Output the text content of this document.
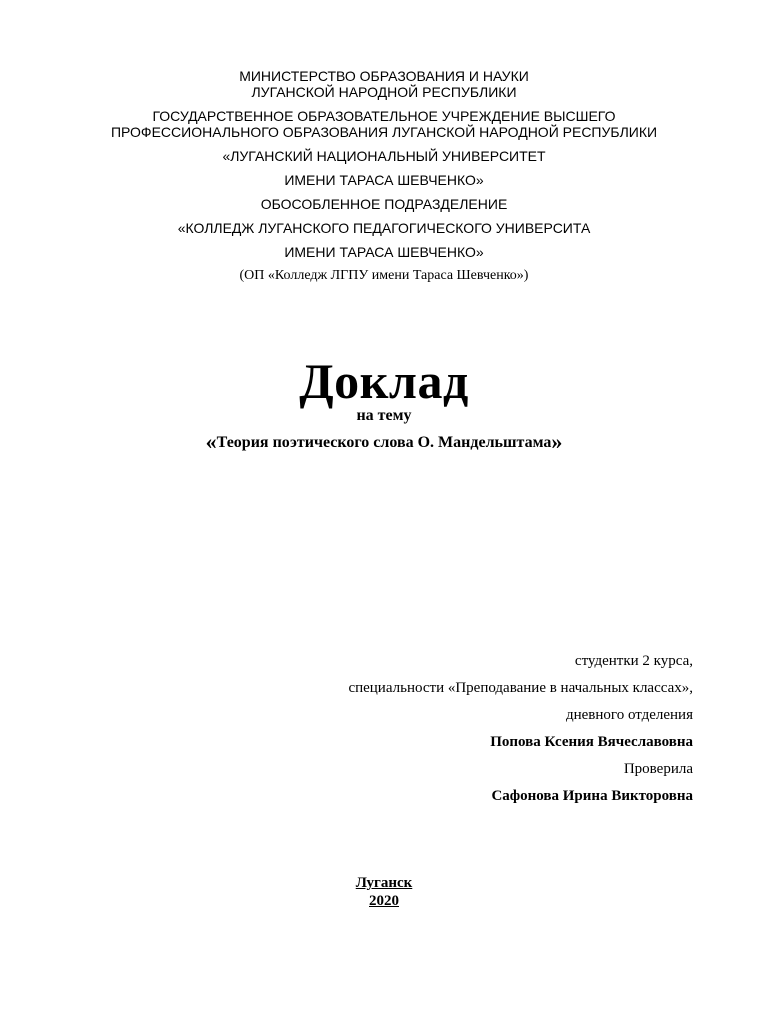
МИНИСТЕРСТВО ОБРАЗОВАНИЯ И НАУКИ
ЛУГАНСКОЙ НАРОДНОЙ РЕСПУБЛИКИ
ГОСУДАРСТВЕННОЕ ОБРАЗОВАТЕЛЬНОЕ УЧРЕЖДЕНИЕ ВЫСШЕГО
ПРОФЕССИОНАЛЬНОГО ОБРАЗОВАНИЯ ЛУГАНСКОЙ НАРОДНОЙ РЕСПУБЛИКИ
«ЛУГАНСКИЙ НАЦИОНАЛЬНЫЙ УНИВЕРСИТЕТ
ИМЕНИ ТАРАСА ШЕВЧЕНКО»
ОБОСОБЛЕННОЕ ПОДРАЗДЕЛЕНИЕ
«КОЛЛЕДЖ ЛУГАНСКОГО ПЕДАГОГИЧЕСКОГО УНИВЕРСИТА
ИМЕНИ ТАРАСА ШЕВЧЕНКО»
(ОП «Колледж ЛГПУ имени Тараса Шевченко»)
Доклад
на тему
«Теория поэтического слова О. Мандельштама»
студентки 2 курса,
специальности «Преподавание в начальных классах»,
дневного отделения
Попова Ксения Вячеславовна
Проверила
Сафонова Ирина Викторовна
Луганск
2020
